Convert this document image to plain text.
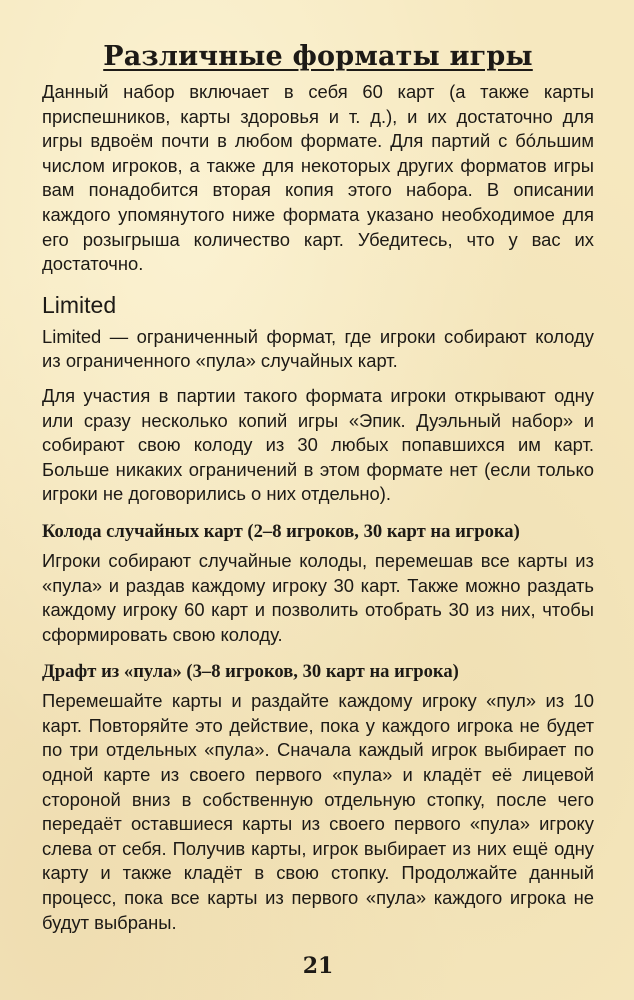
Различные форматы игры

Данный набор включает в себя 60 карт (а также карты приспешников, карты здоровья и т. д.), и их достаточно для игры вдвоём почти в любом формате. Для партий с бóльшим числом игроков, а также для некоторых других форматов игры вам понадобится вторая копия этого набора. В описании каждого упомянутого ниже формата указано необходимое для его розыгрыша количество карт. Убедитесь, что у вас их достаточно.

Limited

Limited — ограниченный формат, где игроки собирают колоду из ограниченного «пула» случайных карт.

Для участия в партии такого формата игроки открывают одну или сразу несколько копий игры «Эпик. Дуэльный набор» и собирают свою колоду из 30 любых попавшихся им карт. Больше никаких ограничений в этом формате нет (если только игроки не договорились о них отдельно).

Колода случайных карт (2–8 игроков, 30 карт на игрока)

Игроки собирают случайные колоды, перемешав все карты из «пула» и раздав каждому игроку 30 карт. Также можно раздать каждому игроку 60 карт и позволить отобрать 30 из них, чтобы сформировать свою колоду.

Драфт из «пула» (3–8 игроков, 30 карт на игрока)

Перемешайте карты и раздайте каждому игроку «пул» из 10 карт. Повторяйте это действие, пока у каждого игрока не будет по три отдельных «пула». Сначала каждый игрок выбирает по одной карте из своего первого «пула» и кладёт её лицевой стороной вниз в собственную отдельную стопку, после чего передаёт оставшиеся карты из своего первого «пула» игроку слева от себя. Получив карты, игрок выбирает из них ещё одну карту и также кладёт в свою стопку. Продолжайте данный процесс, пока все карты из первого «пула» каждого игрока не будут выбраны.

21
